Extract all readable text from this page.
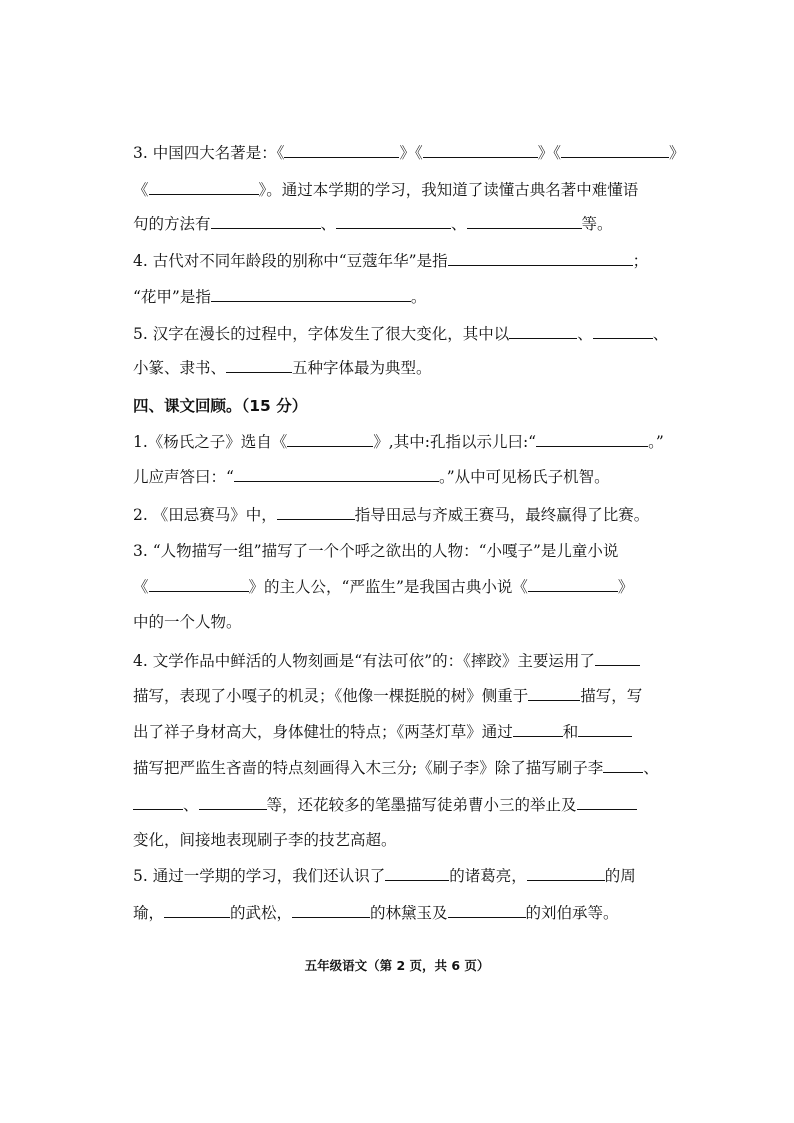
3. 中国四大名著是：《	》《	》《	》
《	》。通过本学期的学习，我知道了读懂古典名著中难懂语
句的方法有	、	、	等。
4. 古代对不同年龄段的别称中“豆蔻年华”是指	；
“花甲”是指	。
5. 汉字在漫长的过程中，字体发生了很大变化，其中以	、	、
小篆、隶书、	五种字体最为典型。
四、课文回顾。（15 分）
1.《杨氏之子》选自《	》,其中:孔指以示儿曰:“	。”
儿应声答曰：“	。”从中可见杨氏子机智。
2. 《田忌赛马》中，	指导田忌与齐威王赛马，最终赢得了比赛。
3. “人物描写一组”描写了一个个呼之欲出的人物：“小嘎子”是儿童小说
《	》的主人公，“严监生”是我国古典小说《	》
中的一个人物。
4. 文学作品中鲜活的人物刻画是“有法可依”的：《摔跤》主要运用了
描写，表现了小嘎子的机灵；《他像一棵挺脱的树》侧重于	描写，写
出了祥子身材高大，身体健壮的特点；《两茎灯草》通过	和
描写把严监生吝啬的特点刻画得入木三分;《刷子李》除了描写刷子李	、
、	等，还花较多的笔墨描写徒弟曹小三的举止及
变化，间接地表现刷子李的技艺高超。
5. 通过一学期的学习，我们还认识了	的诸葛亮，	的周
瑜，	的武松，	的林黛玉及	的刘伯承等。
五年级语文（第 2 页，共 6 页）
